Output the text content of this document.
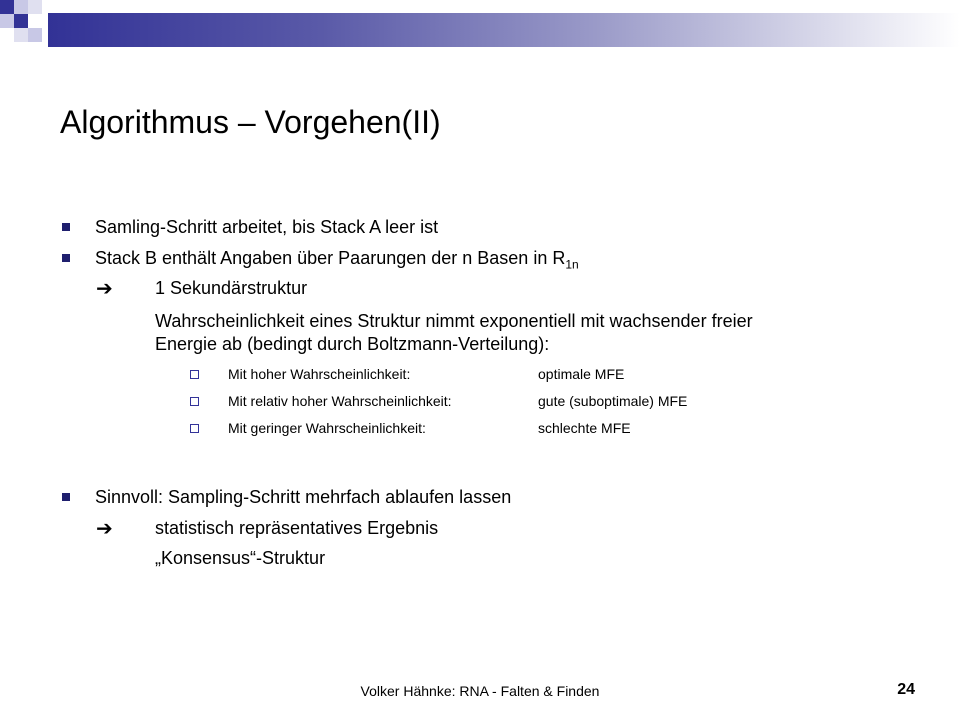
Algorithmus – Vorgehen(II)
Samling-Schritt arbeitet, bis Stack A leer ist
Stack B enthält Angaben über Paarungen der n Basen in $R_{1n}$
➔ 1 Sekundärstruktur
Wahrscheinlichkeit eines Struktur nimmt exponentiell mit wachsender freier
Energie ab (bedingt durch Boltzmann-Verteilung):
Mit hoher Wahrscheinlichkeit:	optimale MFE
Mit relativ hoher Wahrscheinlichkeit:	gute (suboptimale) MFE
Mit geringer Wahrscheinlichkeit:	schlechte MFE
Sinnvoll: Sampling-Schritt mehrfach ablaufen lassen
➔ statistisch repräsentatives Ergebnis
„Konsensus“-Struktur
Volker Hähnke: RNA - Falten & Finden	24
